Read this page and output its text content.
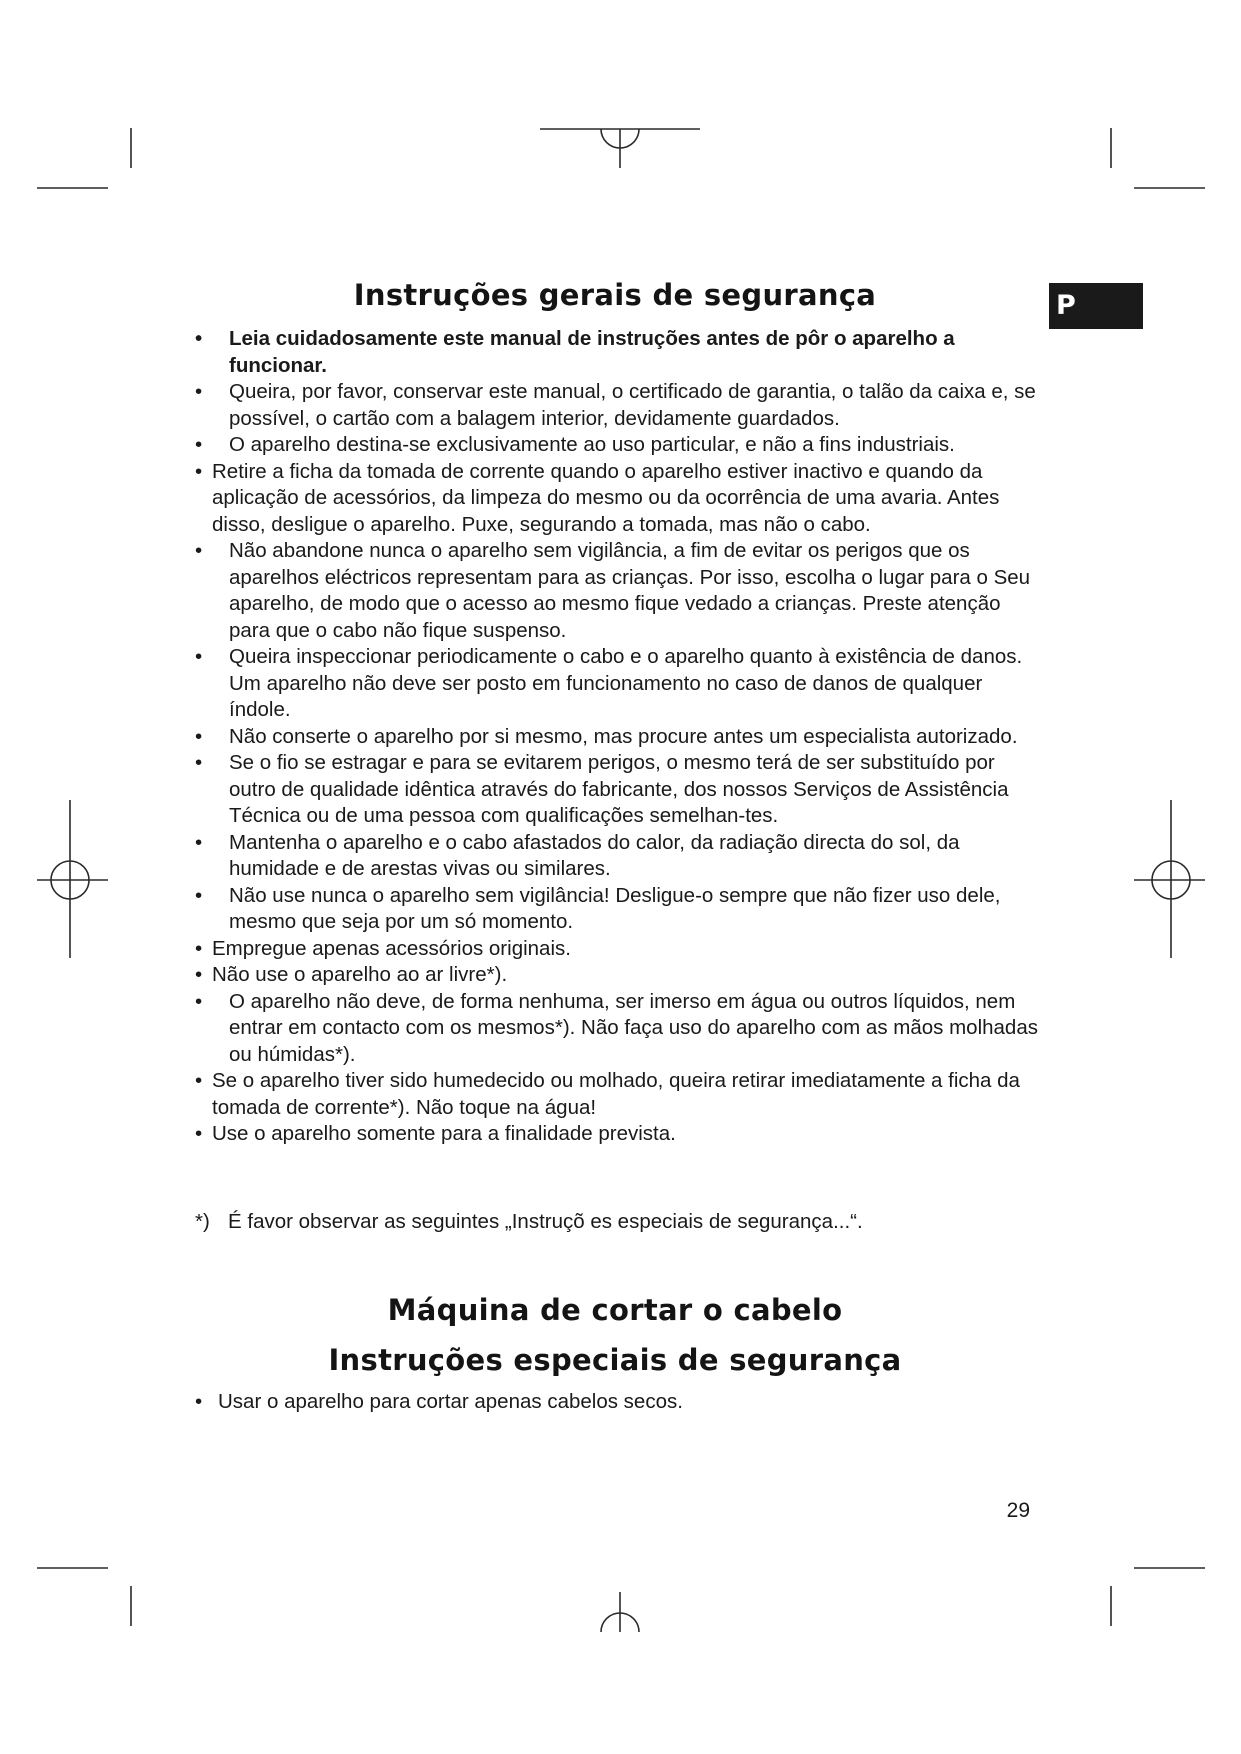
P
Instruções gerais de segurança
• Leia cuidadosamente este manual de instruções antes de pôr o aparelho a funcionar.
• Queira, por favor, conservar este manual, o certificado de garantia, o talão da caixa e, se possível, o cartão com a balagem interior, devidamente guardados.
• O aparelho destina-se exclusivamente ao uso particular, e não a fins industriais.
• Retire a ficha da tomada de corrente quando o aparelho estiver inactivo e quando da aplicação de acessórios, da limpeza do mesmo ou da ocorrência de uma avaria. Antes disso, desligue o aparelho. Puxe, segurando a tomada, mas não o cabo.
• Não abandone nunca o aparelho sem vigilância, a fim de evitar os perigos que os aparelhos eléctricos representam para as crianças. Por isso, escolha o lugar para o Seu aparelho, de modo que o acesso ao mesmo fique vedado a crianças. Preste atenção para que o cabo não fique suspenso.
• Queira inspeccionar periodicamente o cabo e o aparelho quanto à existência de danos. Um aparelho não deve ser posto em funcionamento no caso de danos de qualquer índole.
• Não conserte o aparelho por si mesmo, mas procure antes um especialista autorizado.
• Se o fio se estragar e para se evitarem perigos, o mesmo terá de ser substituído por outro de qualidade idêntica através do fabricante, dos nossos Serviços de Assistência Técnica ou de uma pessoa com qualificações semelhan-tes.
• Mantenha o aparelho e o cabo afastados do calor, da radiação directa do sol, da humidade e de arestas vivas ou similares.
• Não use nunca o aparelho sem vigilância! Desligue-o sempre que não fizer uso dele, mesmo que seja por um só momento.
• Empregue apenas acessórios originais.
• Não use o aparelho ao ar livre*).
• O aparelho não deve, de forma nenhuma, ser imerso em água ou outros líquidos, nem entrar em contacto com os mesmos*). Não faça uso do aparelho com as mãos molhadas ou húmidas*).
• Se o aparelho tiver sido humedecido ou molhado, queira retirar imediatamente a ficha da tomada de corrente*). Não toque na água!
• Use o aparelho somente para a finalidade prevista.

*) É favor observar as seguintes „Instruçõ es especiais de segurança...“.

Máquina de cortar o cabelo
Instruções especiais de segurança
• Usar o aparelho para cortar apenas cabelos secos.
29
